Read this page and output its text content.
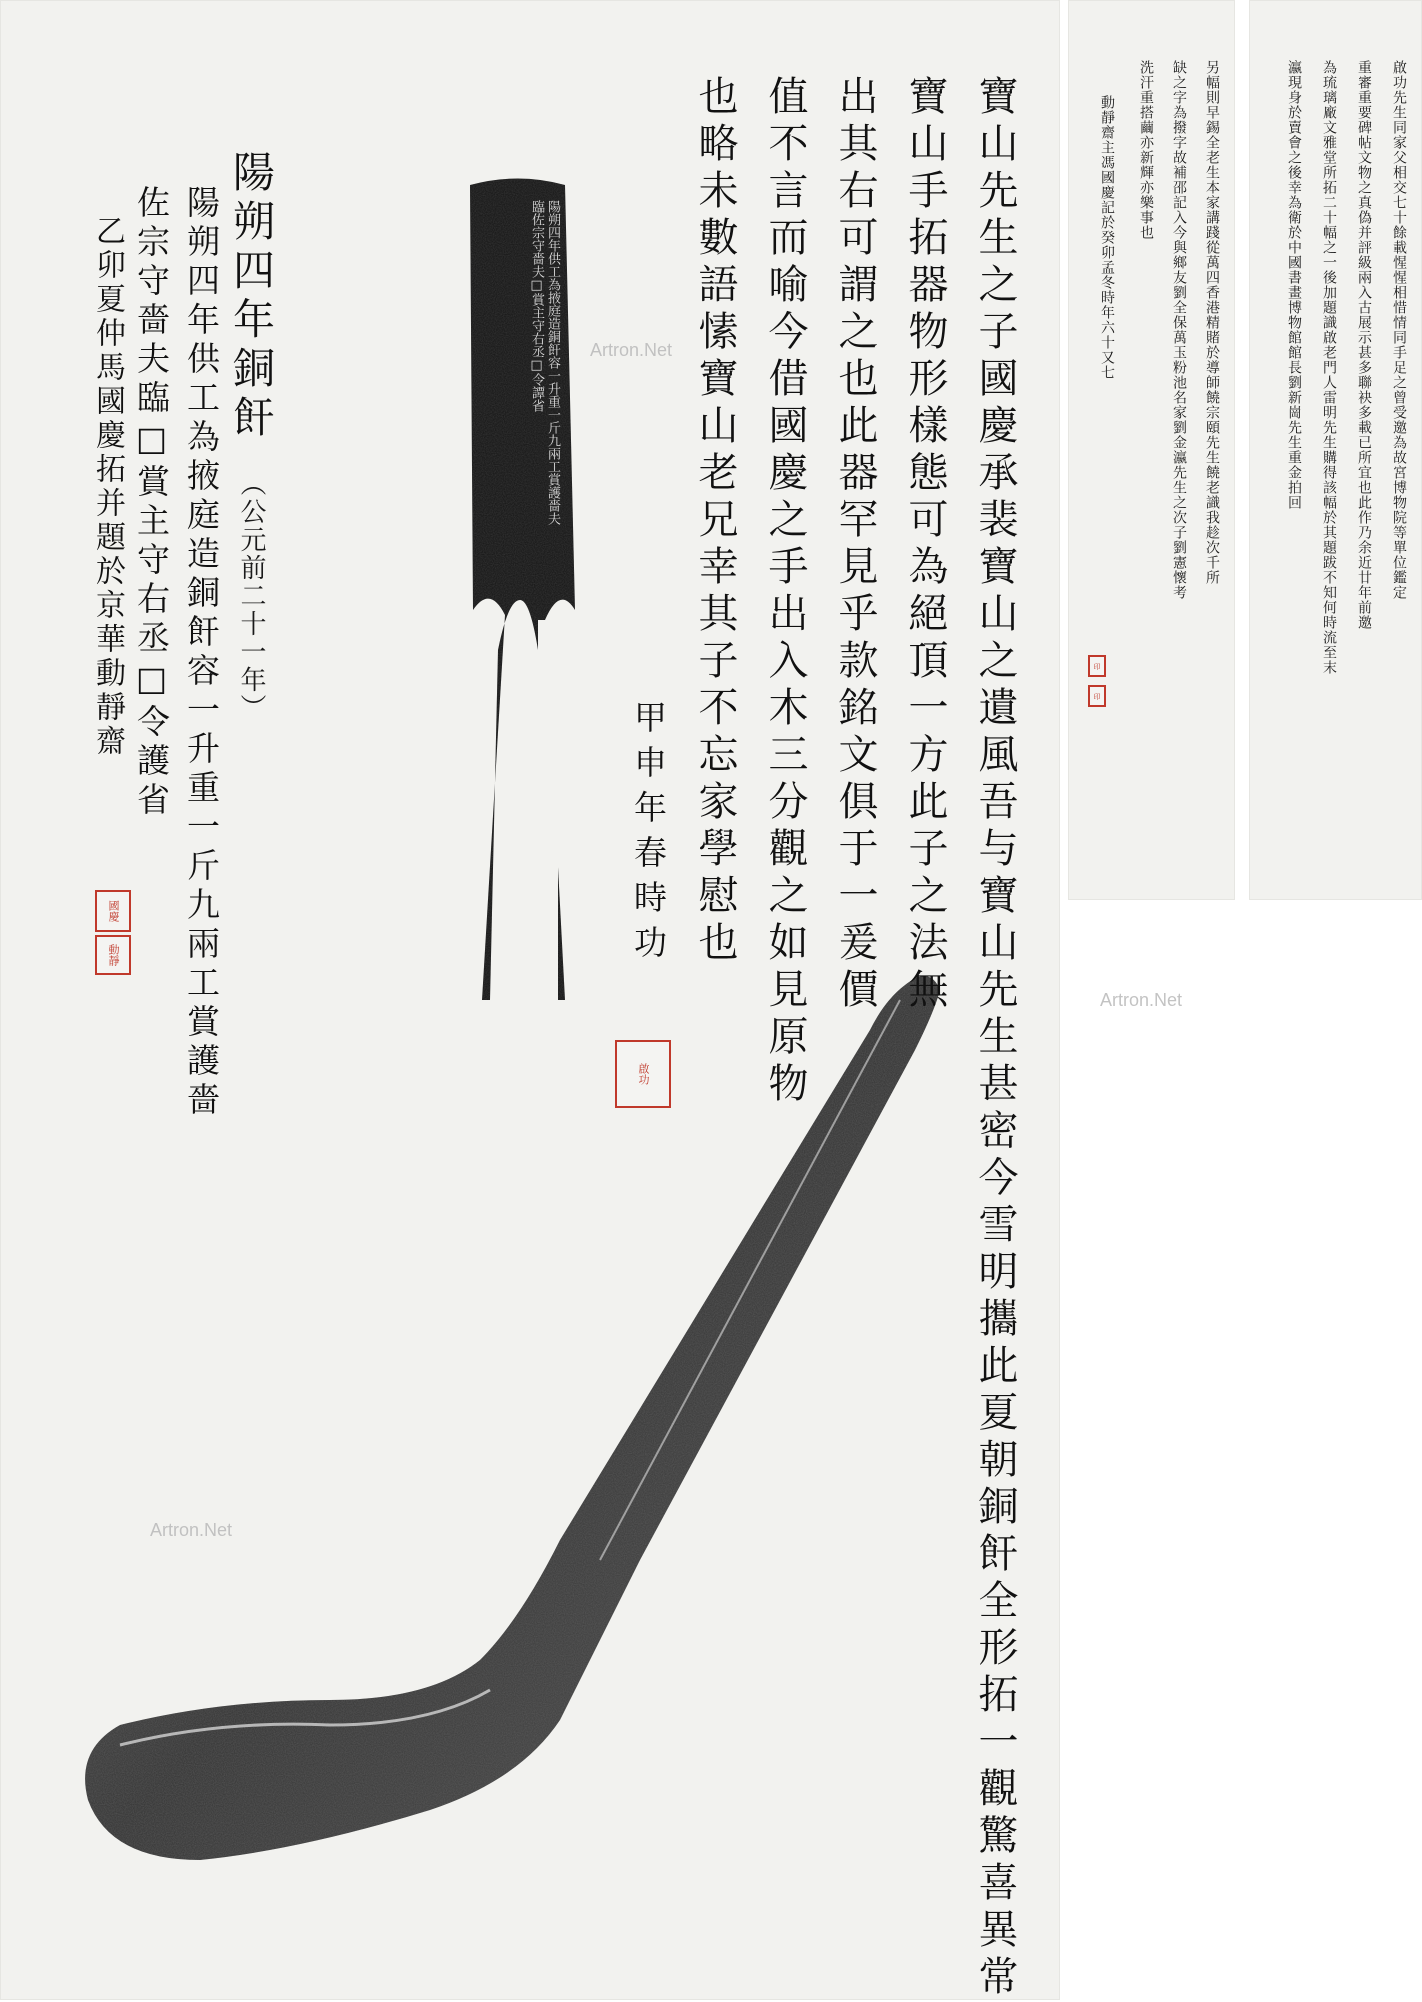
陽朔四年供工為掖庭造銅飦容一升重一斤九兩工賞護嗇夫臨佐宗守嗇夫□賞主守右丞□令譚省	寶山先生之子國慶承裴寶山之遺風吾与寶山先生甚密今雪明攜此夏朝銅飦全形拓一觀驚喜異常
寶山手拓器物形樣態可為絕頂一方此子之法無
出其右可謂之也此器罕見乎款銘文俱于一爰價
值不言而喻今借國慶之手出入木三分觀之如見原物
也略未數語愫寶山老兄幸其子不忘家學慰也
甲申年春時功
啟功
陽朔四年銅飦
（公元前二十一年）
陽朔四年供工為掖庭造銅飦容一升重一斤九兩工賞護嗇
佐宗守嗇夫臨□賞主守右丞□令護省
乙卯夏仲馬國慶拓并題於京華動靜齋
國慶
動靜
另幅則早錫全老生本家講踐從萬四香港精賭於導師饒宗頤先生饒老識我趁次千所
缺之字為撥字故補邵記入今與鄉友劉全保萬玉粉池名家劉金瀛先生之次子劉憲懷考
洗汗重搭繭亦新輝亦樂事也
動靜齋主馮國慶記於癸卯孟冬時年六十又七
印
印
啟功先生同家父相交七十餘載惺惺相惜情同手足之曾受邀為故宮博物院等單位鑑定
重審重要碑帖文物之真偽并評級兩入古展示甚多聯袂多載已所宜也此作乃余近廿年前邀
為琉璃廠文雅堂所拓二十幅之一後加題識啟老門人雷明先生購得該幅於其題跋不知何時流至末
瀛現身於賣會之後幸為衛於中國書畫博物館館長劉新崗先生重金拍回
Artron.Net
Artron.Net
Artron.Net
